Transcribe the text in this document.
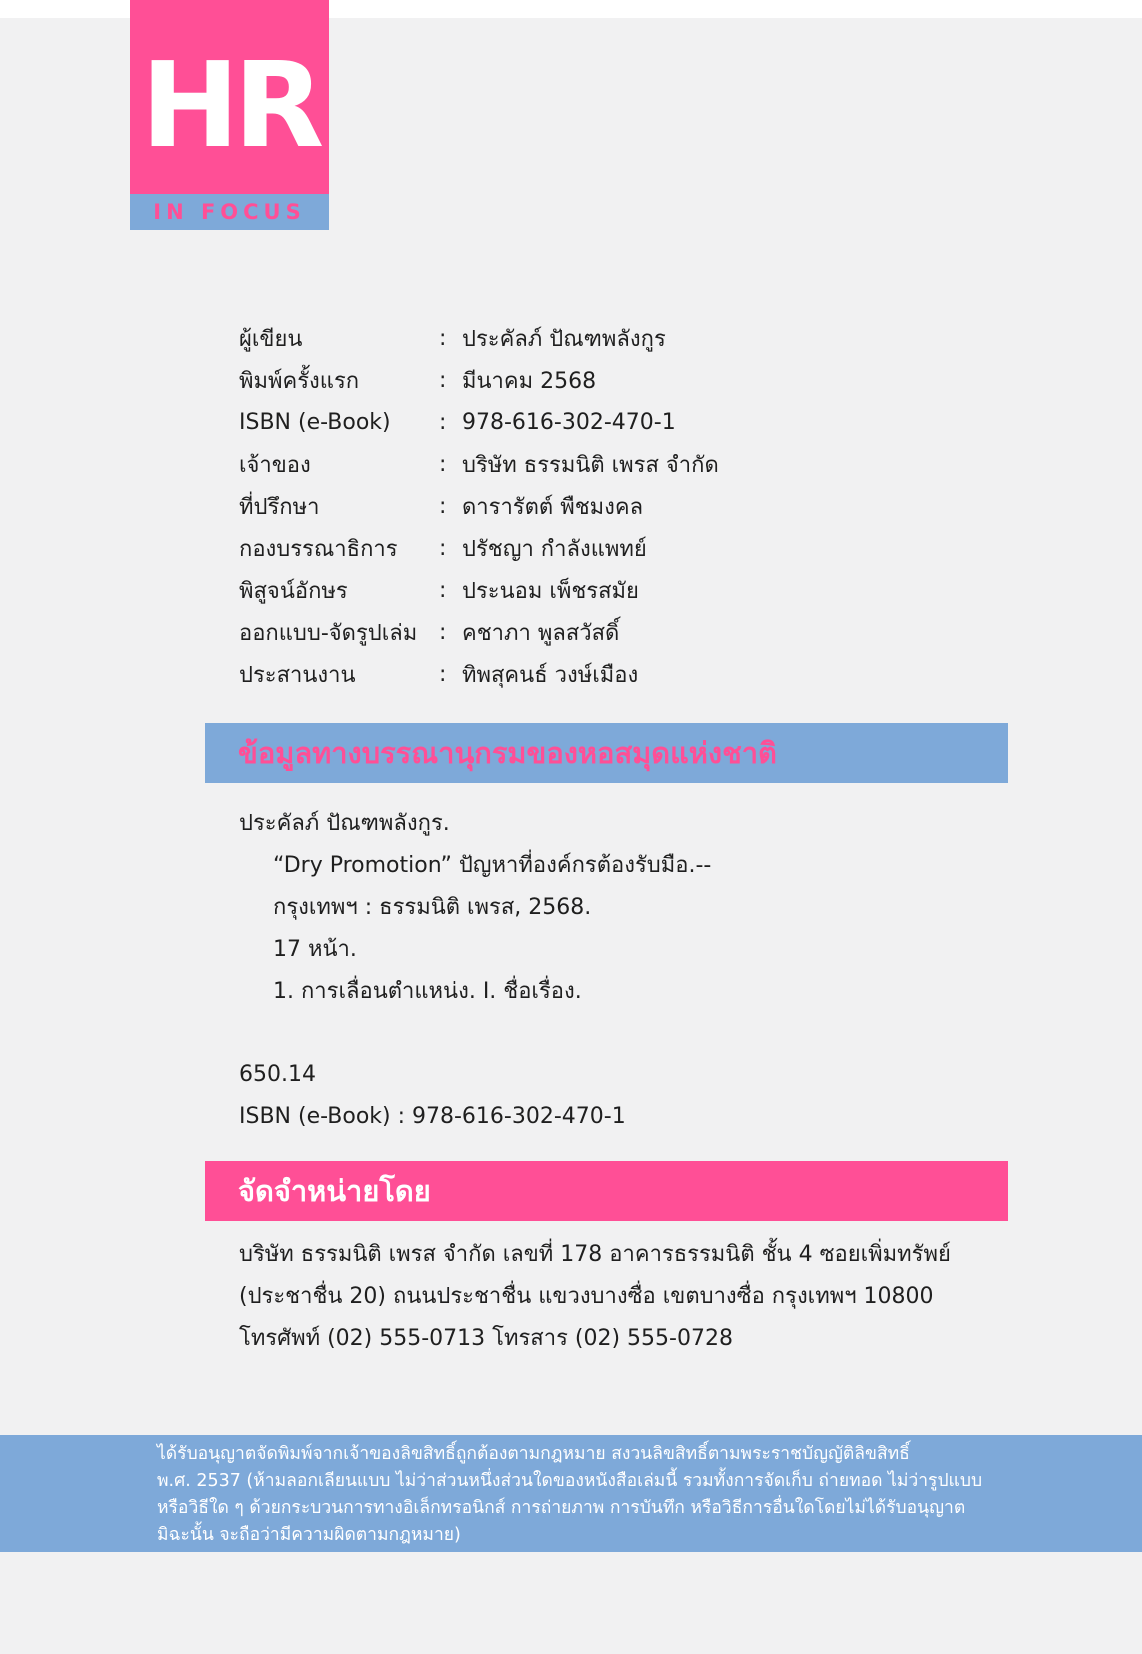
HR
IN FOCUS
ผู้เขียน	: ประคัลภ์ ปัณฑพลังกูร
พิมพ์ครั้งแรก	: มีนาคม 2568
ISBN (e-Book)	: 978-616-302-470-1
เจ้าของ	: บริษัท ธรรมนิติ เพรส จำกัด
ที่ปรึกษา	: ดารารัตต์ พืชมงคล
กองบรรณาธิการ	: ปรัชญา กำลังแพทย์
พิสูจน์อักษร	: ประนอม เพ็ชรสมัย
ออกแบบ-จัดรูปเล่ม : คชาภา พูลสวัสดิ์
ประสานงาน	: ทิพสุคนธ์ วงษ์เมือง
ข้อมูลทางบรรณานุกรมของหอสมุดแห่งชาติ
ประคัลภ์ ปัณฑพลังกูร.
“Dry Promotion” ปัญหาที่องค์กรต้องรับมือ.--
กรุงเทพฯ : ธรรมนิติ เพรส, 2568.
17 หน้า.
1. การเลื่อนตำแหน่ง. I. ชื่อเรื่อง.
650.14
ISBN (e-Book) : 978-616-302-470-1
จัดจำหน่ายโดย
บริษัท ธรรมนิติ เพรส จำกัด เลขที่ 178 อาคารธรรมนิติ ชั้น 4 ซอยเพิ่มทรัพย์
(ประชาชื่น 20) ถนนประชาชื่น แขวงบางซื่อ เขตบางซื่อ กรุงเทพฯ 10800
โทรศัพท์ (02) 555-0713 โทรสาร (02) 555-0728
ได้รับอนุญาตจัดพิมพ์จากเจ้าของลิขสิทธิ์ถูกต้องตามกฎหมาย สงวนลิขสิทธิ์ตามพระราชบัญญัติลิขสิทธิ์
พ.ศ. 2537 (ห้ามลอกเลียนแบบ ไม่ว่าส่วนหนึ่งส่วนใดของหนังสือเล่มนี้ รวมทั้งการจัดเก็บ ถ่ายทอด ไม่ว่ารูปแบบ
หรือวิธีใด ๆ ด้วยกระบวนการทางอิเล็กทรอนิกส์ การถ่ายภาพ การบันทึก หรือวิธีการอื่นใดโดยไม่ได้รับอนุญาต
มิฉะนั้น จะถือว่ามีความผิดตามกฎหมาย)
